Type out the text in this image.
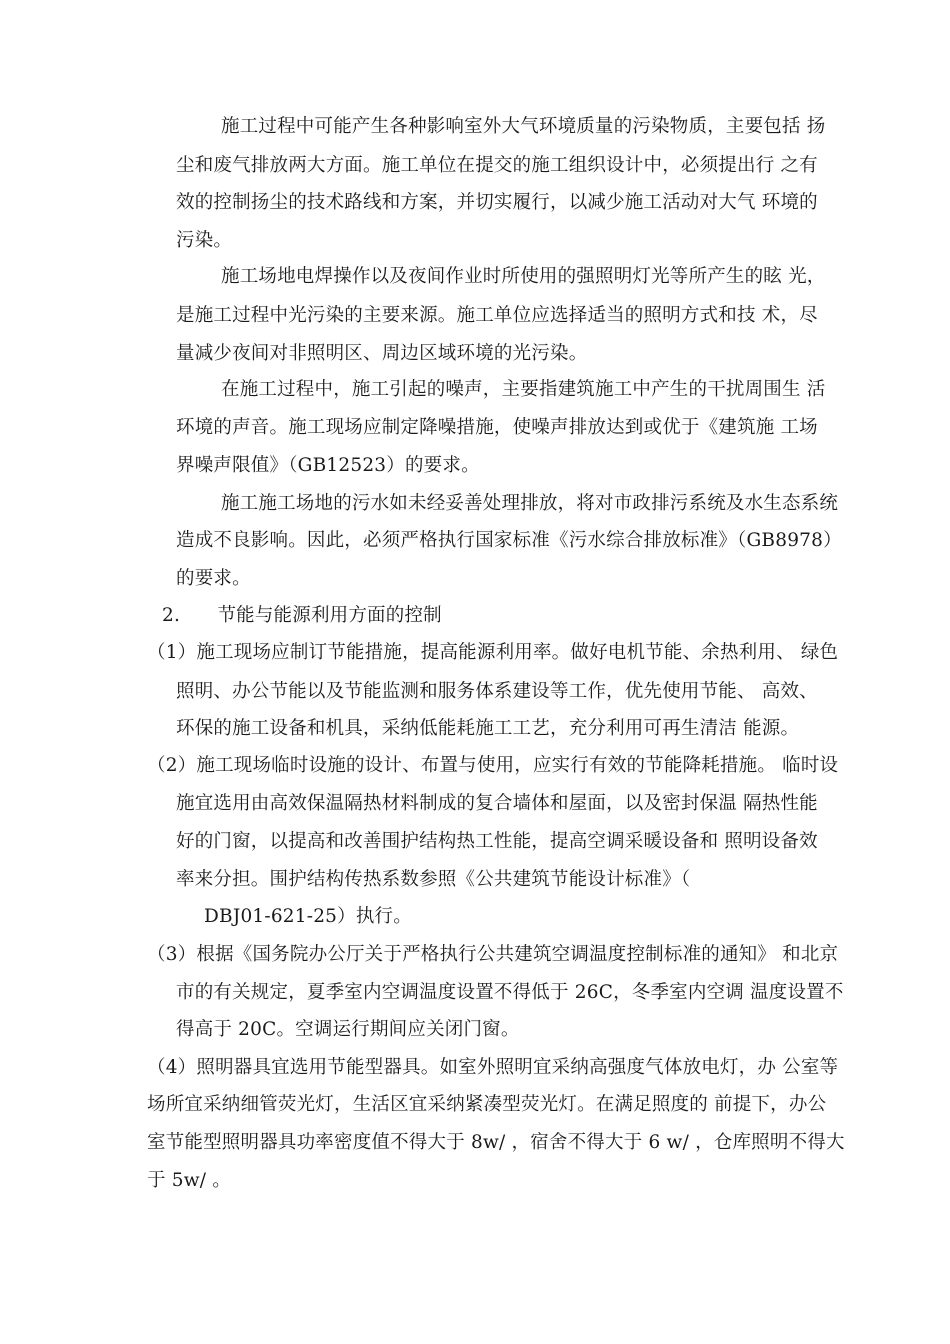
施工过程中可能产生各种影响室外大气环境质量的污染物质，主要包括 扬
尘和废气排放两大方面。施工单位在提交的施工组织设计中，必须提出行 之有
效的控制扬尘的技术路线和方案，并切实履行，以减少施工活动对大气 环境的
污染。
施工场地电焊操作以及夜间作业时所使用的强照明灯光等所产生的眩 光，
是施工过程中光污染的主要来源。施工单位应选择适当的照明方式和技 术，尽
量减少夜间对非照明区、周边区域环境的光污染。
在施工过程中，施工引起的噪声，主要指建筑施工中产生的干扰周围生 活
环境的声音。施工现场应制定降噪措施，使噪声排放达到或优于《建筑施 工场
界噪声限值》（GB12523）的要求。
施工施工场地的污水如未经妥善处理排放，将对市政排污系统及水生态系统
造成不良影响。因此，必须严格执行国家标准《污水综合排放标准》（GB8978）
的要求。
2.　　节能与能源利用方面的控制
（1）施工现场应制订节能措施，提高能源利用率。做好电机节能、余热利用、 绿色
照明、办公节能以及节能监测和服务体系建设等工作，优先使用节能、 高效、
环保的施工设备和机具，采纳低能耗施工工艺，充分利用可再生清洁 能源。
（2）施工现场临时设施的设计、布置与使用，应实行有效的节能降耗措施。 临时设
施宜选用由高效保温隔热材料制成的复合墙体和屋面，以及密封保温 隔热性能
好的门窗，以提高和改善围护结构热工性能，提高空调采暖设备和 照明设备效
率来分担。围护结构传热系数参照《公共建筑节能设计标准》（
DBJ01-621-25）执行。
（3）根据《国务院办公厅关于严格执行公共建筑空调温度控制标准的通知》 和北京
市的有关规定，夏季室内空调温度设置不得低于 26C，冬季室内空调 温度设置不
得高于 20C。空调运行期间应关闭门窗。
（4）照明器具宜选用节能型器具。如室外照明宜采纳高强度气体放电灯，办 公室等
场所宜采纳细管荧光灯，生活区宜采纳紧凑型荧光灯。在满足照度的 前提下，办公
室节能型照明器具功率密度值不得大于 8w/ ，宿舍不得大于 6 w/ ，仓库照明不得大
于 5w/ 。
